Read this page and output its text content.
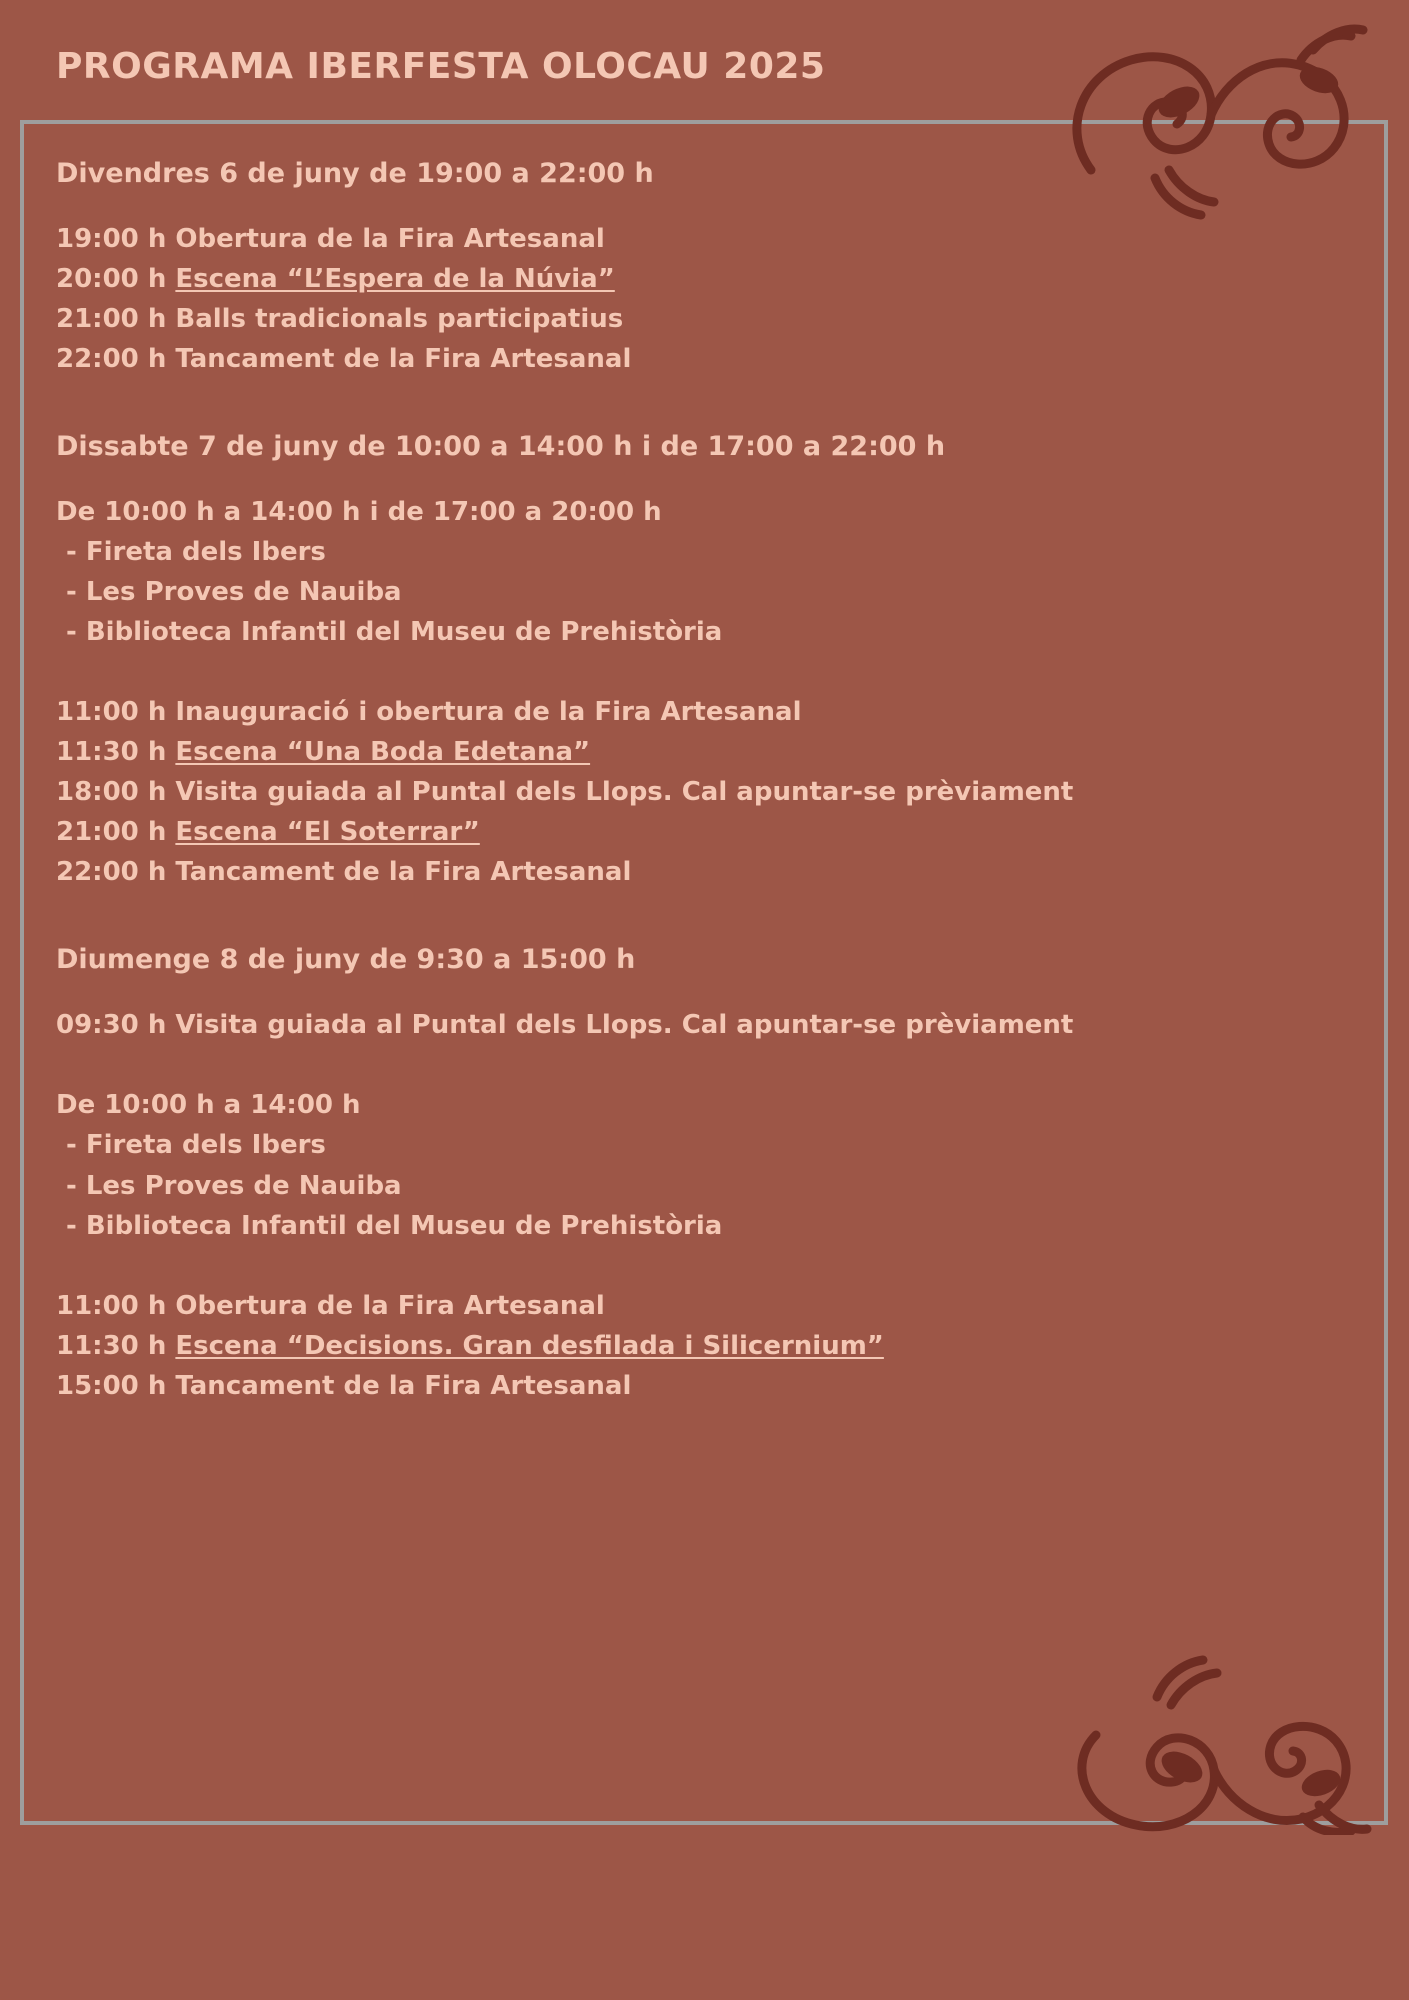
PROGRAMA IBERFESTA OLOCAU 2025
Divendres 6 de juny de 19:00 a 22:00 h
19:00 h Obertura de la Fira Artesanal
20:00 h Escena “L’Espera de la Núvia”
21:00 h Balls tradicionals participatius
22:00 h Tancament de la Fira Artesanal
Dissabte 7 de juny de 10:00 a 14:00 h i de 17:00 a 22:00 h
De 10:00 h a 14:00 h i de 17:00 a 20:00 h
- Fireta dels Ibers
- Les Proves de Nauiba
- Biblioteca Infantil del Museu de Prehistòria
11:00 h Inauguració i obertura de la Fira Artesanal
11:30 h Escena “Una Boda Edetana”
18:00 h Visita guiada al Puntal dels Llops. Cal apuntar-se prèviament
21:00 h Escena “El Soterrar”
22:00 h Tancament de la Fira Artesanal
Diumenge 8 de juny de 9:30 a 15:00 h
09:30 h Visita guiada al Puntal dels Llops. Cal apuntar-se prèviament
De 10:00 h a 14:00 h
- Fireta dels Ibers
- Les Proves de Nauiba
- Biblioteca Infantil del Museu de Prehistòria
11:00 h Obertura de la Fira Artesanal
11:30 h Escena “Decisions. Gran desfilada i Silicernium”
15:00 h Tancament de la Fira Artesanal
